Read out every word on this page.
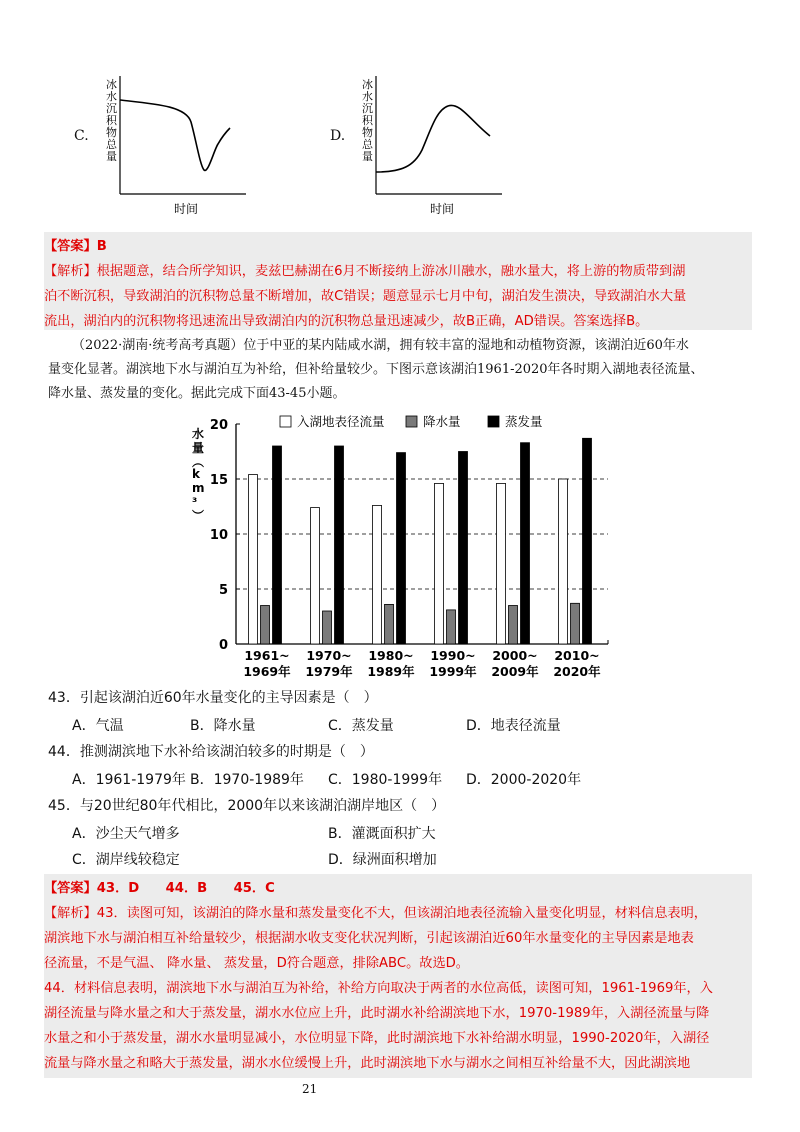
C.
冰水沉积物总量
时间
D.
冰水沉积物总量
时间
【答案】B
【解析】根据题意，结合所学知识，麦兹巴赫湖在6月不断接纳上游冰川融水，融水量大，将上游的物质带到湖
泊不断沉积，导致湖泊的沉积物总量不断增加，故C错误；题意显示七月中旬，湖泊发生溃决，导致湖泊水大量
流出，湖泊内的沉积物将迅速流出导致湖泊内的沉积物总量迅速减少，故B正确，AD错误。答案选择B。
（2022·湖南·统考高考真题）位于中亚的某内陆咸水湖，拥有较丰富的湿地和动植物资源，该湖泊近60年水
量变化显著。湖滨地下水与湖泊互为补给，但补给量较少。下图示意该湖泊1961-2020年各时期入湖地表径流量、
降水量、蒸发量的变化。据此完成下面43-45小题。
0
5
10
15
20
水量︵ k m ³ ︶
1961~
1969年
1970~
1979年
1980~
1989年
1990~
1999年
2000~
2009年
2010~
2020年
入湖地表径流量	降水量	蒸发量
43．引起该湖泊近60年水量变化的主导因素是（　）
A．气温	B．降水量	C．蒸发量	D．地表径流量
44．推测湖滨地下水补给该湖泊较多的时期是（　）
A．1961-1979年 B．1970-1989年 C．1980-1999年 D．2000-2020年
45．与20世纪80年代相比，2000年以来该湖泊湖岸地区（　）
A．沙尘天气增多	B．灌溉面积扩大
C．湖岸线较稳定	D．绿洲面积增加
【答案】43．D　　44．B　　45．C
【解析】43．读图可知，该湖泊的降水量和蒸发量变化不大，但该湖泊地表径流输入量变化明显，材料信息表明，
湖滨地下水与湖泊相互补给量较少，根据湖水收支变化状况判断，引起该湖泊近60年水量变化的主导因素是地表
径流量，不是气温、 降水量、 蒸发量，D符合题意，排除ABC。故选D。
44．材料信息表明，湖滨地下水与湖泊互为补给，补给方向取决于两者的水位高低，读图可知，1961-1969年，入
湖径流量与降水量之和大于蒸发量，湖水水位应上升，此时湖水补给湖滨地下水，1970-1989年，入湖径流量与降
水量之和小于蒸发量，湖水水量明显减小，水位明显下降，此时湖滨地下水补给湖水明显，1990-2020年，入湖径
流量与降水量之和略大于蒸发量，湖水水位缓慢上升，此时湖滨地下水与湖水之间相互补给量不大，因此湖滨地
21
